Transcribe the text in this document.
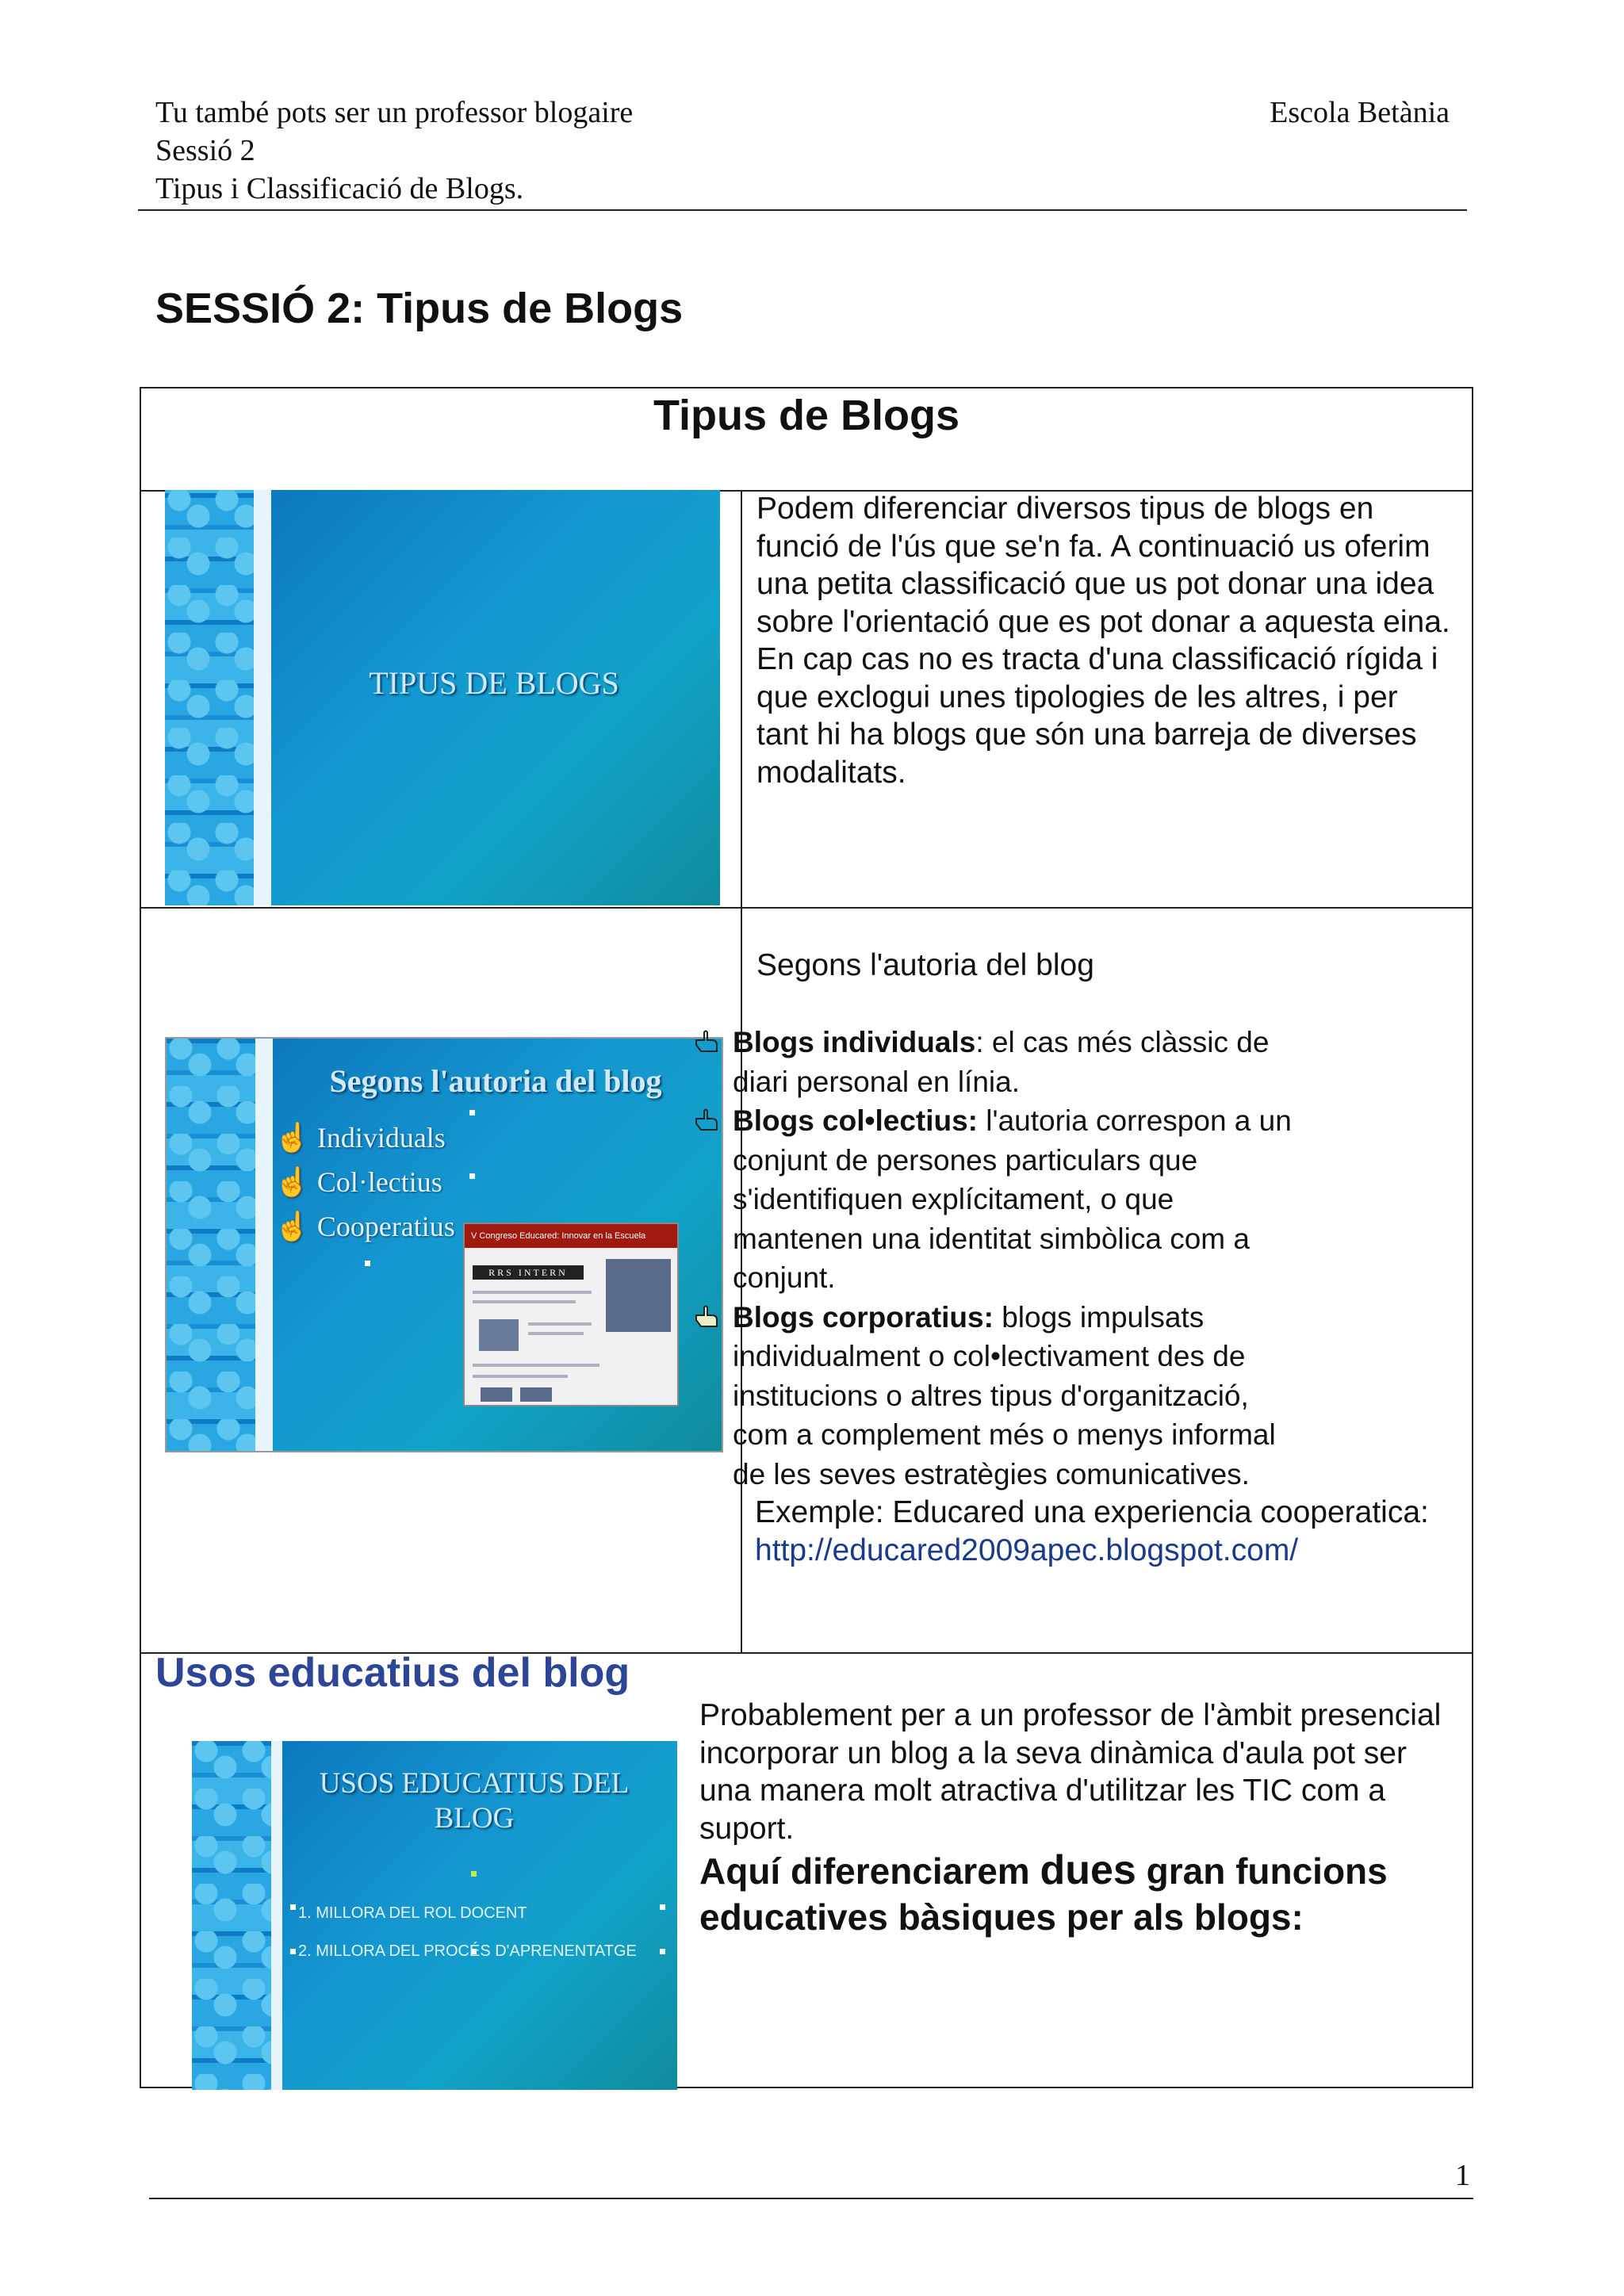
Tu també pots ser un professor blogaire
Sessió 2
Tipus i Classificació de Blogs.
Escola Betània
SESSIÓ 2: Tipus de Blogs
Tipus de Blogs
TIPUS DE BLOGS
Podem diferenciar diversos tipus de blogs en funció de l'ús que se'n fa. A continuació us oferim una petita classificació que us pot donar una idea sobre l'orientació que es pot donar a aquesta eina. En cap cas no es tracta d'una classificació rígida i que exclogui unes tipologies de les altres, i per tant hi ha blogs que són una barreja de diverses modalitats.
Segons l'autoria del blog
☝ Individuals
☝ Col·lectius
☝ Cooperatius	V Congreso Educared: Innovar en la Escuela
RRS INTERN
Segons l'autoria del blog
USOS EDUCATIUS DEL BLOG
1. MILLORA DEL ROL DOCENT
2. MILLORA DEL PROCÉS D'APRENENTATGE
Blogs individuals: el cas més clàssic de diari personal en línia.
Blogs col•lectius: l'autoria correspon a un conjunt de persones particulars que s'identifiquen explícitament, o que mantenen una identitat simbòlica com a conjunt.
Blogs corporatius: blogs impulsats individualment o col•lectivament des de institucions o altres tipus d'organització, com a complement més o menys informal de les seves estratègies comunicatives.
Exemple: Educared una experiencia cooperatica:
http://educared2009apec.blogspot.com/
Usos educatius del blog
Probablement per a un professor de l'àmbit presencial incorporar un blog a la seva dinàmica d'aula pot ser una manera molt atractiva d'utilitzar les TIC com a suport.
Aquí diferenciarem dues gran funcions educatives bàsiques per als blogs:
1
